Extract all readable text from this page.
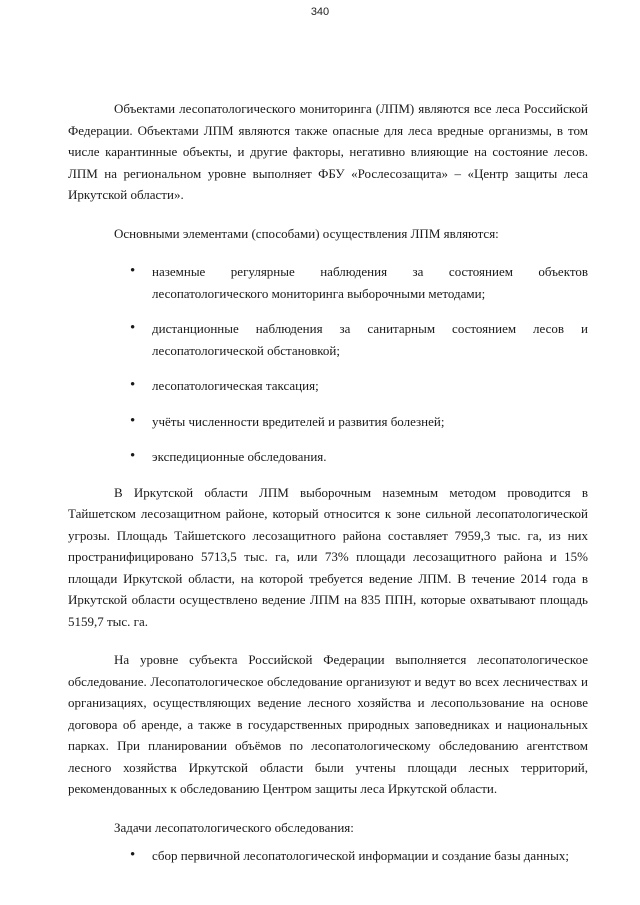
340

Объектами лесопатологического мониторинга (ЛПМ) являются все леса Российской Федерации. Объектами ЛПМ являются также опасные для леса вредные организмы, в том числе карантинные объекты, и другие факторы, негативно влияющие на состояние лесов. ЛПМ на региональном уровне выполняет ФБУ «Рослесозащита» – «Центр защиты леса Иркутской области».

Основными элементами (способами) осуществления ЛПМ являются:

• наземные регулярные наблюдения за состоянием объектов лесопатологического мониторинга выборочными методами;
• дистанционные наблюдения за санитарным состоянием лесов и лесопатологической обстановкой;
• лесопатологическая таксация;
• учёты численности вредителей и развития болезней;
• экспедиционные обследования.

В Иркутской области ЛПМ выборочным наземным методом проводится в Тайшетском лесозащитном районе, который относится к зоне сильной лесопатологической угрозы. Площадь Тайшетского лесозащитного района составляет 7959,3 тыс. га, из них пространифицировано 5713,5 тыс. га, или 73% площади лесозащитного района и 15% площади Иркутской области, на которой требуется ведение ЛПМ. В течение 2014 года в Иркутской области осуществлено ведение ЛПМ на 835 ППН, которые охватывают площадь 5159,7 тыс. га.

На уровне субъекта Российской Федерации выполняется лесопатологическое обследование. Лесопатологическое обследование организуют и ведут во всех лесничествах и организациях, осуществляющих ведение лесного хозяйства и лесопользование на основе договора об аренде, а также в государственных природных заповедниках и национальных парках. При планировании объёмов по лесопатологическому обследованию агентством лесного хозяйства Иркутской области были учтены площади лесных территорий, рекомендованных к обследованию Центром защиты леса Иркутской области.

Задачи лесопатологического обследования:

• сбор первичной лесопатологической информации и создание базы данных;
